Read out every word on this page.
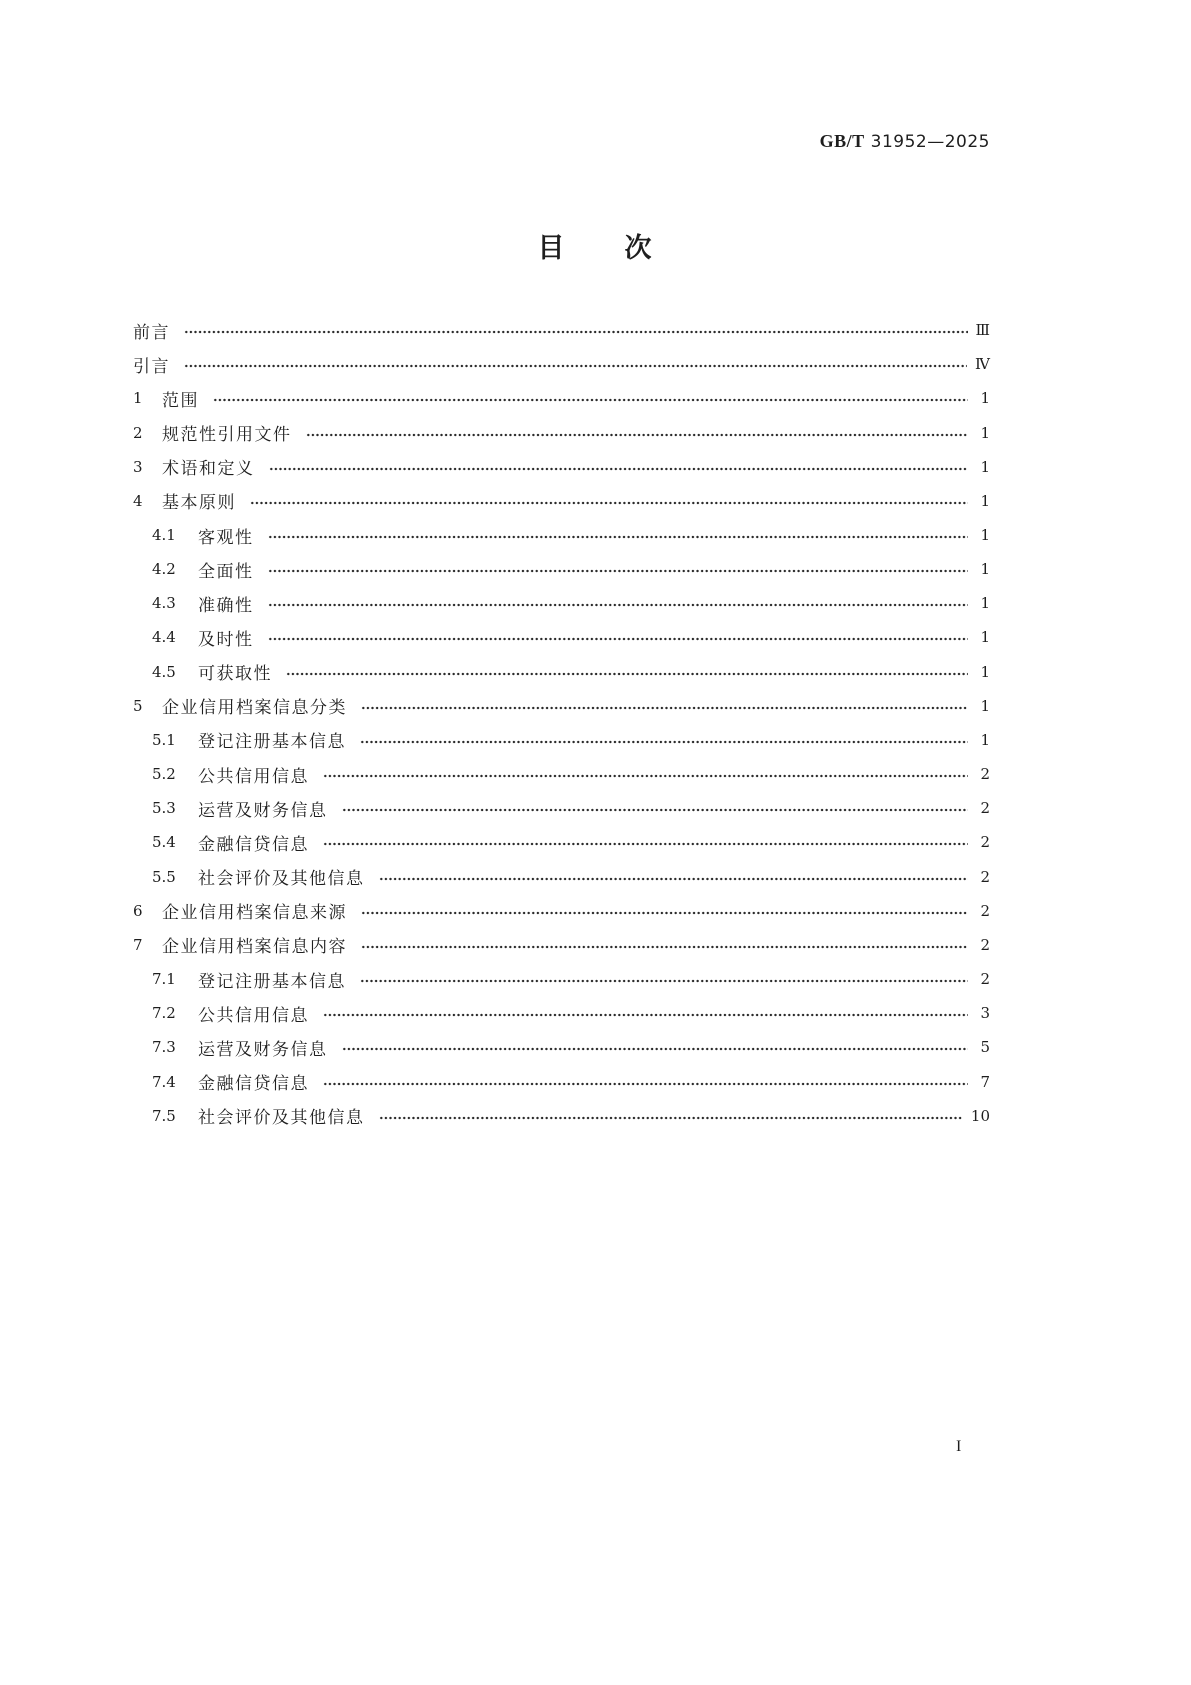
GB/T 31952—2025
目　　次
前言	Ⅲ
引言	Ⅳ
1	范围	1
2	规范性引用文件	1
3	术语和定义	1
4	基本原则	1
4.1	客观性	1
4.2	全面性	1
4.3	准确性	1
4.4	及时性	1
4.5	可获取性	1
5	企业信用档案信息分类	1
5.1	登记注册基本信息	1
5.2	公共信用信息	2
5.3	运营及财务信息	2
5.4	金融信贷信息	2
5.5	社会评价及其他信息	2
6	企业信用档案信息来源	2
7	企业信用档案信息内容	2
7.1	登记注册基本信息	2
7.2	公共信用信息	3
7.3	运营及财务信息	5
7.4	金融信贷信息	7
7.5	社会评价及其他信息	10
I
